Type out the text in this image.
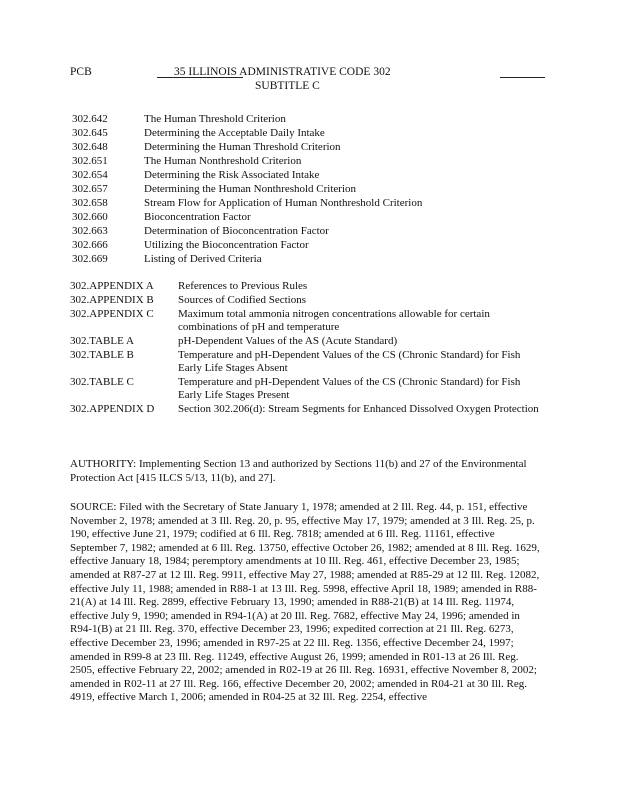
PCB	35 ILLINOIS ADMINISTRATIVE CODE 302
SUBTITLE C
302.642	The Human Threshold Criterion
302.645	Determining the Acceptable Daily Intake
302.648	Determining the Human Threshold Criterion
302.651	The Human Nonthreshold Criterion
302.654	Determining the Risk Associated Intake
302.657	Determining the Human Nonthreshold Criterion
302.658	Stream Flow for Application of Human Nonthreshold Criterion
302.660	Bioconcentration Factor
302.663	Determination of Bioconcentration Factor
302.666	Utilizing the Bioconcentration Factor
302.669	Listing of Derived Criteria
302.APPENDIX A	References to Previous Rules
302.APPENDIX B	Sources of Codified Sections
302.APPENDIX C	Maximum total ammonia nitrogen concentrations allowable for certain combinations of pH and temperature
302.TABLE A	pH-Dependent Values of the AS (Acute Standard)
302.TABLE B	Temperature and pH-Dependent Values of the CS (Chronic Standard) for Fish Early Life Stages Absent
302.TABLE C	Temperature and pH-Dependent Values of the CS (Chronic Standard) for Fish Early Life Stages Present
302.APPENDIX D	Section 302.206(d): Stream Segments for Enhanced Dissolved Oxygen Protection

AUTHORITY: Implementing Section 13 and authorized by Sections 11(b) and 27 of the Environmental Protection Act [415 ILCS 5/13, 11(b), and 27].

SOURCE: Filed with the Secretary of State January 1, 1978; amended at 2 Ill. Reg. 44, p. 151, effective November 2, 1978; amended at 3 Ill. Reg. 20, p. 95, effective May 17, 1979; amended at 3 Ill. Reg. 25, p. 190, effective June 21, 1979; codified at 6 Ill. Reg. 7818; amended at 6 Ill. Reg. 11161, effective September 7, 1982; amended at 6 Ill. Reg. 13750, effective October 26, 1982; amended at 8 Ill. Reg. 1629, effective January 18, 1984; peremptory amendments at 10 Ill. Reg. 461, effective December 23, 1985; amended at R87-27 at 12 Ill. Reg. 9911, effective May 27, 1988; amended at R85-29 at 12 Ill. Reg. 12082, effective July 11, 1988; amended in R88-1 at 13 Ill. Reg. 5998, effective April 18, 1989; amended in R88-21(A) at 14 Ill. Reg. 2899, effective February 13, 1990; amended in R88-21(B) at 14 Ill. Reg. 11974, effective July 9, 1990; amended in R94-1(A) at 20 Ill. Reg. 7682, effective May 24, 1996; amended in R94-1(B) at 21 Ill. Reg. 370, effective December 23, 1996; expedited correction at 21 Ill. Reg. 6273, effective December 23, 1996; amended in R97-25 at 22 Ill. Reg. 1356, effective December 24, 1997; amended in R99-8 at 23 Ill. Reg. 11249, effective August 26, 1999; amended in R01-13 at 26 Ill. Reg. 2505, effective February 22, 2002; amended in R02-19 at 26 Ill. Reg. 16931, effective November 8, 2002; amended in R02-11 at 27 Ill. Reg. 166, effective December 20, 2002; amended in R04-21 at 30 Ill. Reg. 4919, effective March 1, 2006; amended in R04-25 at 32 Ill. Reg. 2254, effective
